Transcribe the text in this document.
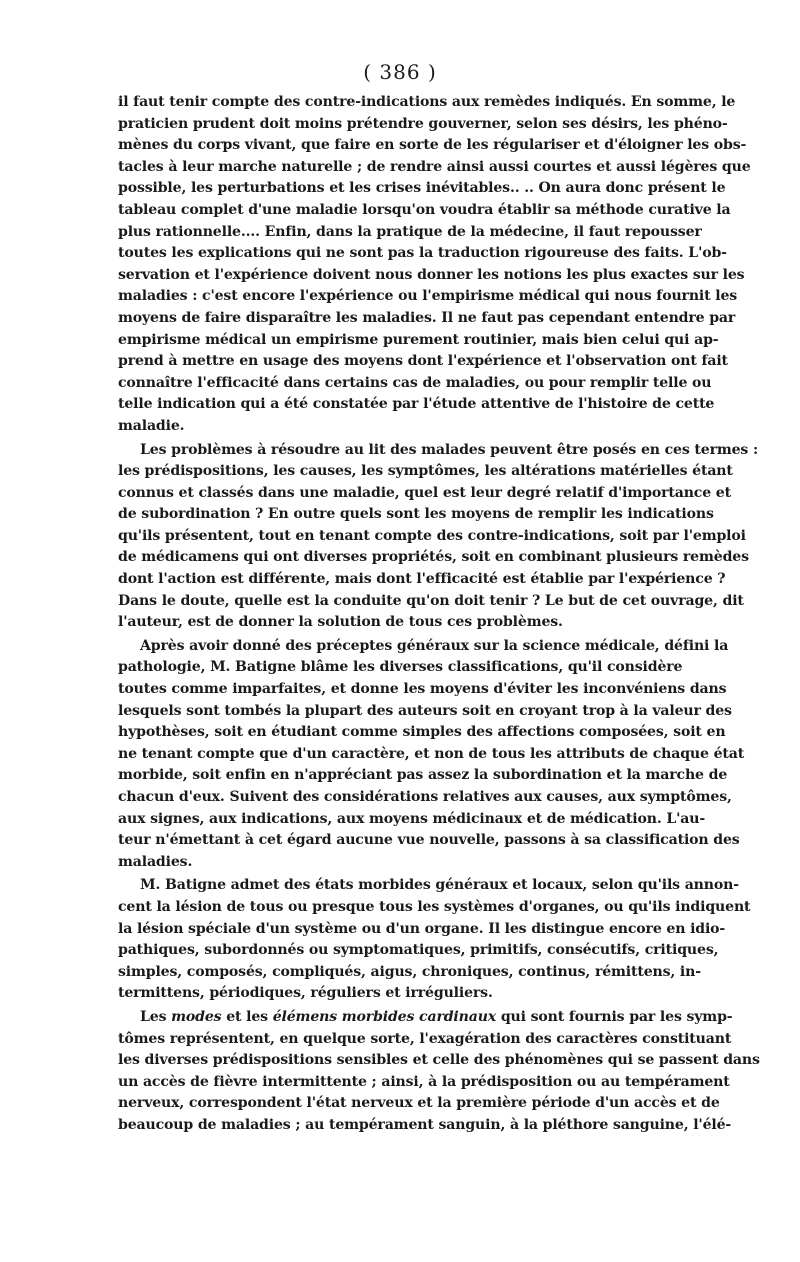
( 386 )
il faut tenir compte des contre-indications aux remèdes indiqués. En somme, le
praticien prudent doit moins prétendre gouverner, selon ses désirs, les phéno-
mènes du corps vivant, que faire en sorte de les régulariser et d'éloigner les obs-
tacles à leur marche naturelle ; de rendre ainsi aussi courtes et aussi légères que
possible, les perturbations et les crises inévitables.. .. On aura donc présent le
tableau complet d'une maladie lorsqu'on voudra établir sa méthode curative la
plus rationnelle.... Enfin, dans la pratique de la médecine, il faut repousser
toutes les explications qui ne sont pas la traduction rigoureuse des faits. L'ob-
servation et l'expérience doivent nous donner les notions les plus exactes sur les
maladies : c'est encore l'expérience ou l'empirisme médical qui nous fournit les
moyens de faire disparaître les maladies. Il ne faut pas cependant entendre par
empirisme médical un empirisme purement routinier, mais bien celui qui ap-
prend à mettre en usage des moyens dont l'expérience et l'observation ont fait
connaître l'efficacité dans certains cas de maladies, ou pour remplir telle ou
telle indication qui a été constatée par l'étude attentive de l'histoire de cette
maladie.
Les problèmes à résoudre au lit des malades peuvent être posés en ces termes :
les prédispositions, les causes, les symptômes, les altérations matérielles étant
connus et classés dans une maladie, quel est leur degré relatif d'importance et
de subordination ? En outre quels sont les moyens de remplir les indications
qu'ils présentent, tout en tenant compte des contre-indications, soit par l'emploi
de médicamens qui ont diverses propriétés, soit en combinant plusieurs remèdes
dont l'action est différente, mais dont l'efficacité est établie par l'expérience ?
Dans le doute, quelle est la conduite qu'on doit tenir ? Le but de cet ouvrage, dit
l'auteur, est de donner la solution de tous ces problèmes.
Après avoir donné des préceptes généraux sur la science médicale, défini la
pathologie, M. Batigne blâme les diverses classifications, qu'il considère
toutes comme imparfaites, et donne les moyens d'éviter les inconvéniens dans
lesquels sont tombés la plupart des auteurs soit en croyant trop à la valeur des
hypothèses, soit en étudiant comme simples des affections composées, soit en
ne tenant compte que d'un caractère, et non de tous les attributs de chaque état
morbide, soit enfin en n'appréciant pas assez la subordination et la marche de
chacun d'eux. Suivent des considérations relatives aux causes, aux symptômes,
aux signes, aux indications, aux moyens médicinaux et de médication. L'au-
teur n'émettant à cet égard aucune vue nouvelle, passons à sa classification des
maladies.
M. Batigne admet des états morbides généraux et locaux, selon qu'ils annon-
cent la lésion de tous ou presque tous les systèmes d'organes, ou qu'ils indiquent
la lésion spéciale d'un système ou d'un organe. Il les distingue encore en idio-
pathiques, subordonnés ou symptomatiques, primitifs, consécutifs, critiques,
simples, composés, compliqués, aigus, chroniques, continus, rémittens, in-
termittens, périodiques, réguliers et irréguliers.
Les modes et les élémens morbides cardinaux qui sont fournis par les symp-
tômes représentent, en quelque sorte, l'exagération des caractères constituant
les diverses prédispositions sensibles et celle des phénomènes qui se passent dans
un accès de fièvre intermittente ; ainsi, à la prédisposition ou au tempérament
nerveux, correspondent l'état nerveux et la première période d'un accès et de
beaucoup de maladies ; au tempérament sanguin, à la pléthore sanguine, l'élé-
